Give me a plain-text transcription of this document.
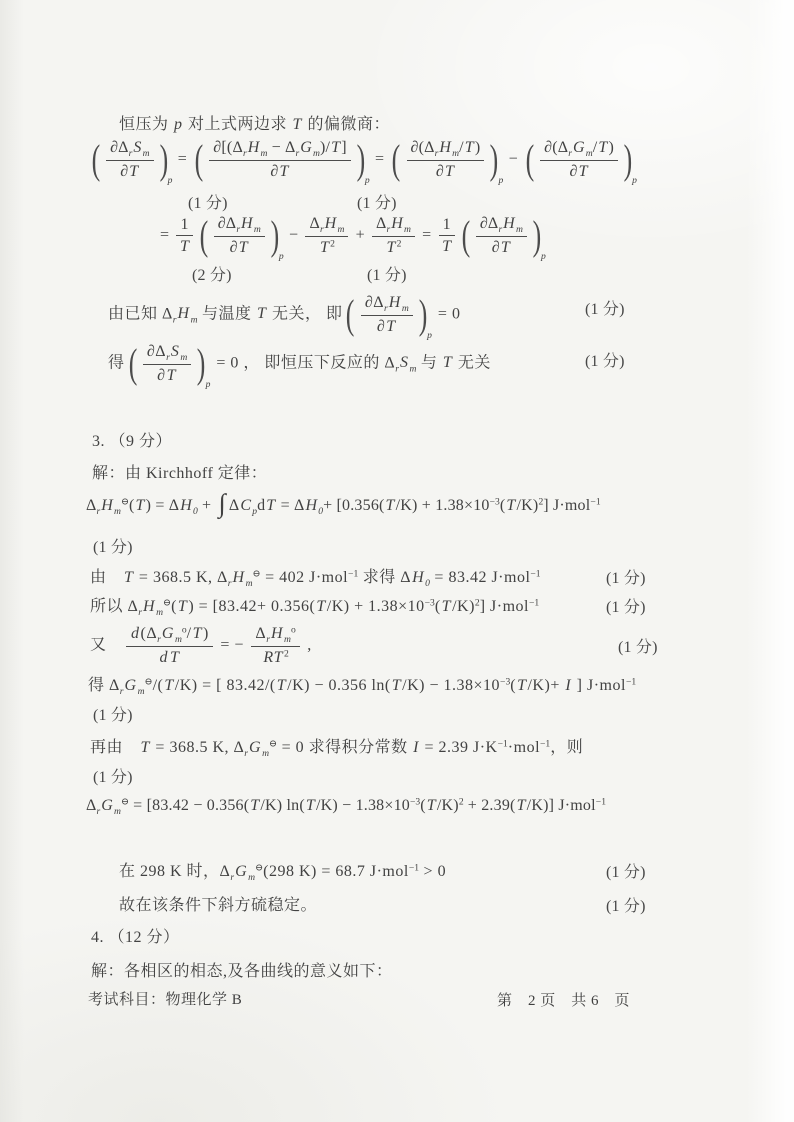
恒压为 p 对上式两边求 T 的偏微商：
( $\frac{\partial\Delta_rS_m}{\partial T}$ ) p
= ( $\frac{\partial[(\Delta_rH_m - \Delta_rG_m)/T]}{\partial T}$ ) p
= ( $\frac{\partial(\Delta_rH_m/T)}{\partial T}$ ) p
− ( $\frac{\partial(\Delta_rG_m/T)}{\partial T}$ ) p
(1 分)	(1 分)
= $\frac{1}{T}$ ( $\frac{\partial\Delta_rH_m}{\partial T}$ ) p
− $\frac{\Delta_rH_m}{T^2} + \frac{\Delta_rH_m}{T^2} = \frac{1}{T}$ ( $\frac{\partial\Delta_rH_m}{\partial T}$ ) p
(2 分)	(1 分)
由已知 $\Delta_rH_m$ 与温度 T 无关， 即 ( $\frac{\partial\Delta_rH_m}{\partial T}$ ) p
= 0	(1 分)
得 ( $\frac{\partial\Delta_rS_m}{\partial T}$ ) p
= 0 ， 即恒压下反应的 $\Delta_rS_m$ 与 T 无关	(1 分)
3. （9 分）
解：由 Kirchhoff 定律：
$\Delta_rH_m^⊖(T) = \Delta H_0$ + ∫ $\Delta C_pdT = \Delta H_0+ [0.356(T/K) + 1.38\times 10^{-3}(T/K)^2]$ J·mol$^{-1}$
(1 分)
由　T = 368.5 K, $\Delta_rH_m^⊖ = 402$ J·mol$^{-1}$ 求得 $\Delta H_0 = 83.42$ J·mol$^{-1}$	(1 分)
所以 $\Delta_rH_m^⊖(T) = [83.42+ 0.356(T/K) + 1.38\times 10^{-3}(T/K)^2]$ J·mol$^{-1}$	(1 分)
又　 $\frac{d(\Delta_rG_m^o/T)}{\text{d T}}$ = − $\frac{\Delta_rH_m^o}{RT^2}$ ,	(1 分)
得 $\Delta_rG_m^⊖/(T/K)$ = [ 83.42/(T/K) − 0.356 $\ln(T/K) - 1.38\times 10^{-3}(T/K)+ I$ ] J·mol$^{-1}$
(1 分)
再由　T = 368.5 K, $\Delta_rG_m^⊖ = 0$ 求得积分常数 I = 2.39 $J\cdot K^{-1}\cdot mol^{-1}$，则
(1 分)
$\Delta_rG_m^⊖ = [83.42 - 0.356(T/K) \ln(T/K) - 1.38\times 10^{-3}(T/K)^2 + 2.39(T/K)]$ J·mol$^{-1}$
在 298 K 时，$\Delta_rG_m^⊖(298$ K) = 68.7 J·mol$^{-1}$ > 0	(1 分)
故在该条件下斜方硫稳定。	(1 分)
4. （12 分）
解：各相区的相态,及各曲线的意义如下：
考试科目：物理化学 B	第　2 页　共 6　页
